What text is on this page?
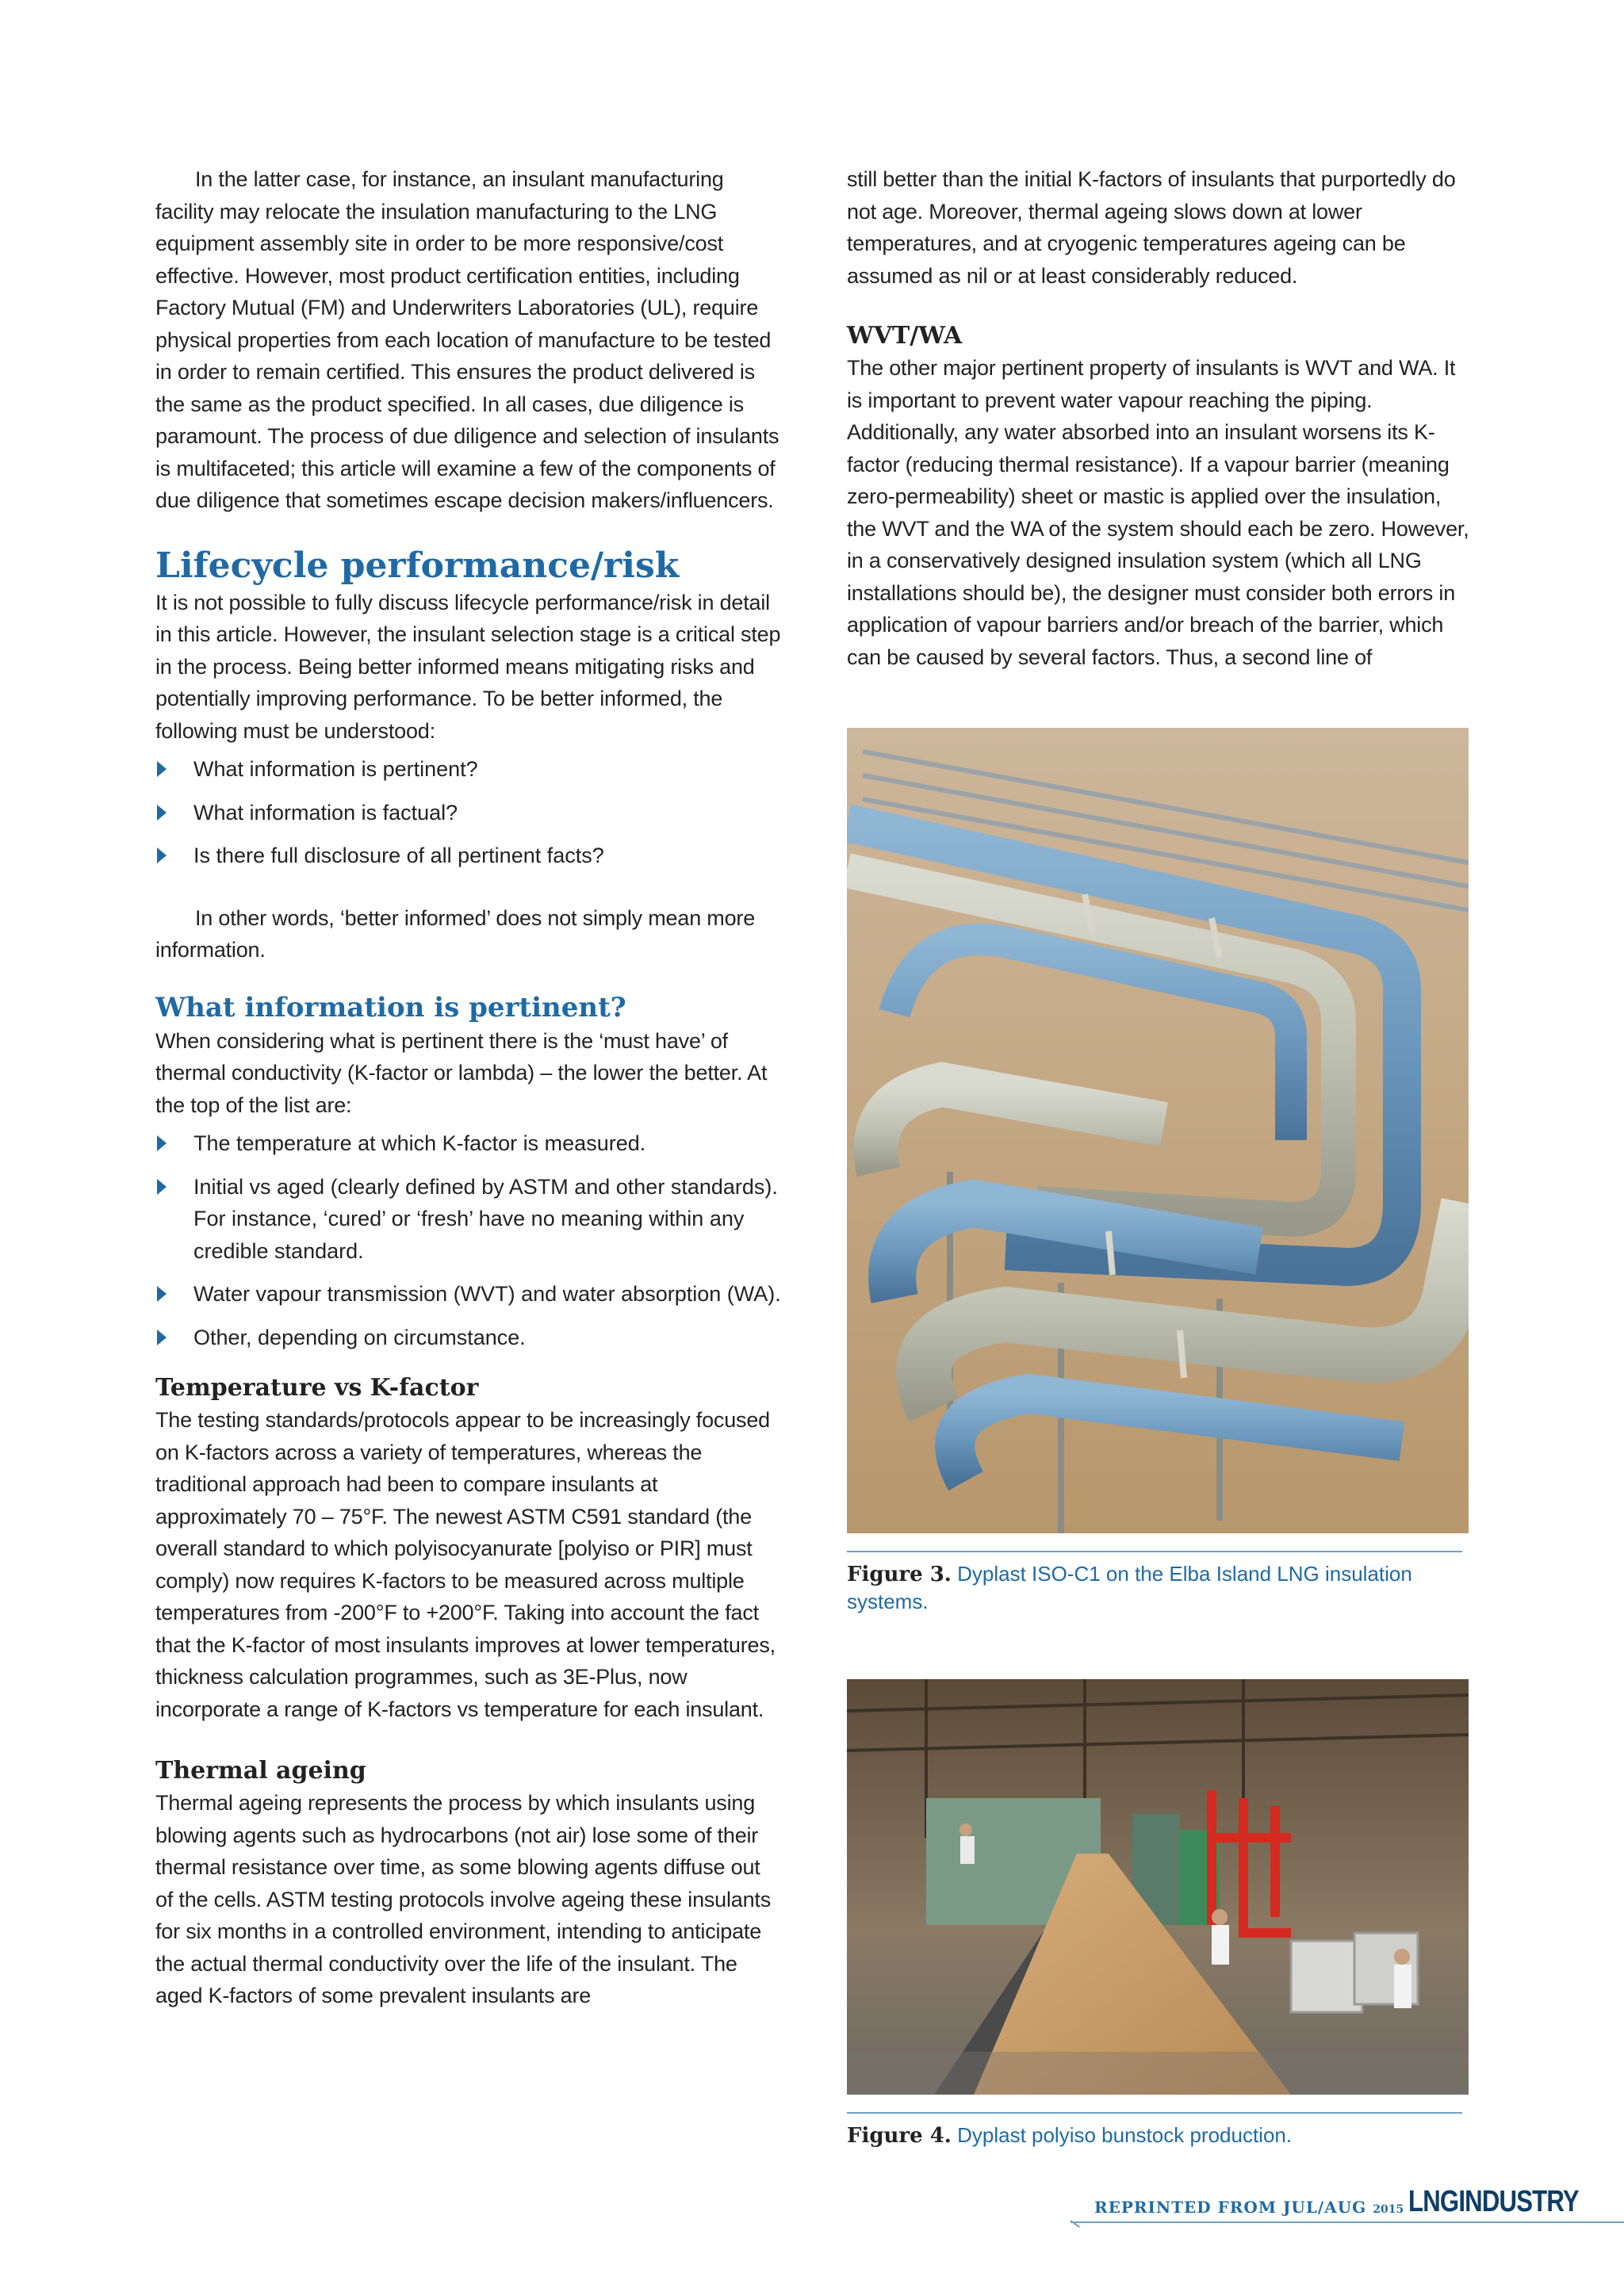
In the latter case, for instance, an insulant manufacturing facility may relocate the insulation manufacturing to the LNG equipment assembly site in order to be more responsive/cost effective. However, most product certification entities, including Factory Mutual (FM) and Underwriters Laboratories (UL), require physical properties from each location of manufacture to be tested in order to remain certified. This ensures the product delivered is the same as the product specified. In all cases, due diligence is paramount. The process of due diligence and selection of insulants is multifaceted; this article will examine a few of the components of due diligence that sometimes escape decision makers/influencers.

Lifecycle performance/risk

It is not possible to fully discuss lifecycle performance/risk in detail in this article. However, the insulant selection stage is a critical step in the process. Being better informed means mitigating risks and potentially improving performance. To be better informed, the following must be understood:

What information is pertinent?
What information is factual?
Is there full disclosure of all pertinent facts?

In other words, ‘better informed’ does not simply mean more information.

What information is pertinent?

When considering what is pertinent there is the ‘must have’ of thermal conductivity (K-factor or lambda) – the lower the better. At the top of the list are:

The temperature at which K-factor is measured.
Initial vs aged (clearly defined by ASTM and other standards). For instance, ‘cured’ or ‘fresh’ have no meaning within any credible standard.
Water vapour transmission (WVT) and water absorption (WA).
Other, depending on circumstance.
Temperature vs K-factor

The testing standards/protocols appear to be increasingly focused on K-factors across a variety of temperatures, whereas the traditional approach had been to compare insulants at approximately 70 – 75°F. The newest ASTM C591 standard (the overall standard to which polyisocyanurate [polyiso or PIR] must comply) now requires K-factors to be measured across multiple temperatures from -200°F to +200°F. Taking into account the fact that the K-factor of most insulants improves at lower temperatures, thickness calculation programmes, such as 3E-Plus, now incorporate a range of K-factors vs temperature for each insulant.

Thermal ageing

Thermal ageing represents the process by which insulants using blowing agents such as hydrocarbons (not air) lose some of their thermal resistance over time, as some blowing agents diffuse out of the cells. ASTM testing protocols involve ageing these insulants for six months in a controlled environment, intending to anticipate the actual thermal conductivity over the life of the insulant. The aged K-factors of some prevalent insulants are

still better than the initial K-factors of insulants that purportedly do not age. Moreover, thermal ageing slows down at lower temperatures, and at cryogenic temperatures ageing can be assumed as nil or at least considerably reduced.

WVT/WA

The other major pertinent property of insulants is WVT and WA. It is important to prevent water vapour reaching the piping. Additionally, any water absorbed into an insulant worsens its K-factor (reducing thermal resistance). If a vapour barrier (meaning zero-permeability) sheet or mastic is applied over the insulation, the WVT and the WA of the system should each be zero. However, in a conservatively designed insulation system (which all LNG installations should be), the designer must consider both errors in application of vapour barriers and/or breach of the barrier, which can be caused by several factors. Thus, a second line of

Figure 3. Dyplast ISO-C1 on the Elba Island LNG insulation systems.
Figure 4. Dyplast polyiso bunstock production.
REPRINTED FROM JUL/AUG 2015 LNGINDUSTRY
